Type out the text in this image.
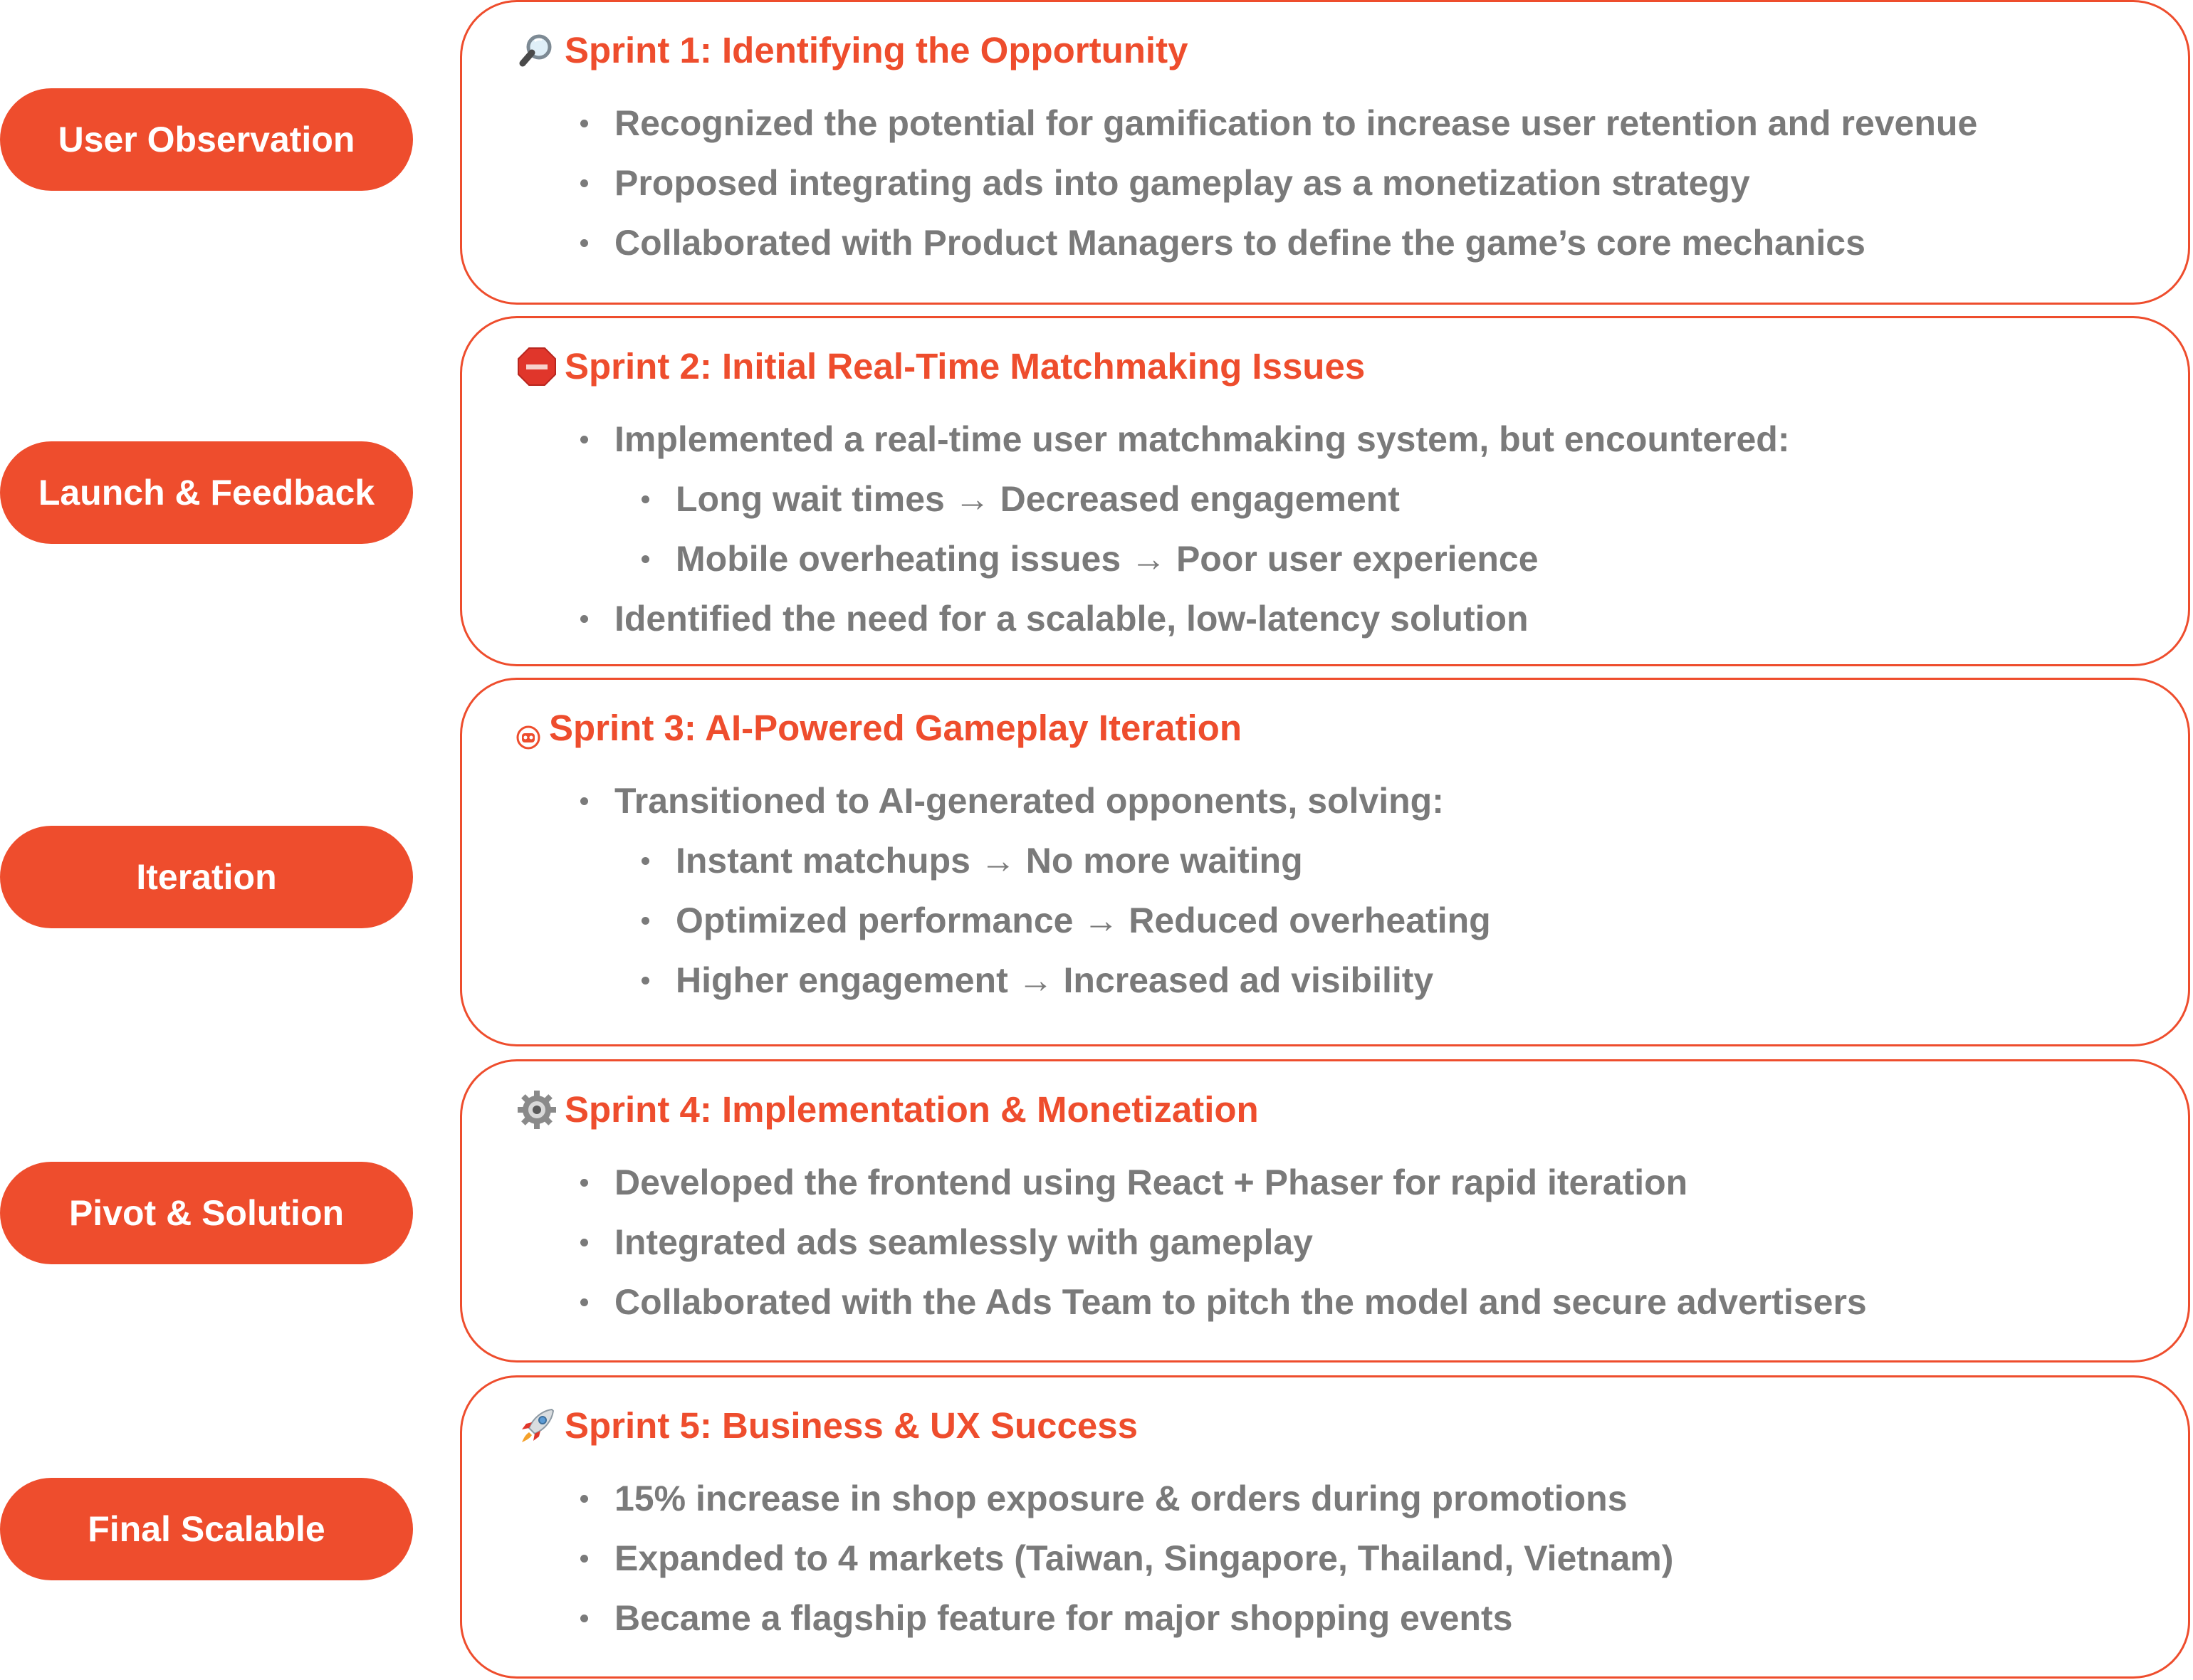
User Observation
Launch & Feedback
Iteration
Pivot & Solution
Final Scalable
Sprint 1: Identifying the Opportunity
Recognized the potential for gamification to increase user retention and revenue
Proposed integrating ads into gameplay as a monetization strategy
Collaborated with Product Managers to define the game’s core mechanics
Sprint 2: Initial Real-Time Matchmaking Issues
Implemented a real-time user matchmaking system, but encountered:
Long wait times → Decreased engagement
Mobile overheating issues → Poor user experience
Identified the need for a scalable, low-latency solution
Sprint 3: AI-Powered Gameplay Iteration
Transitioned to AI-generated opponents, solving:
Instant matchups → No more waiting
Optimized performance → Reduced overheating
Higher engagement → Increased ad visibility
Sprint 4: Implementation & Monetization
Developed the frontend using React + Phaser for rapid iteration
Integrated ads seamlessly with gameplay
Collaborated with the Ads Team to pitch the model and secure advertisers
Sprint 5: Business & UX Success
15% increase in shop exposure & orders during promotions
Expanded to 4 markets (Taiwan, Singapore, Thailand, Vietnam)
Became a flagship feature for major shopping events
